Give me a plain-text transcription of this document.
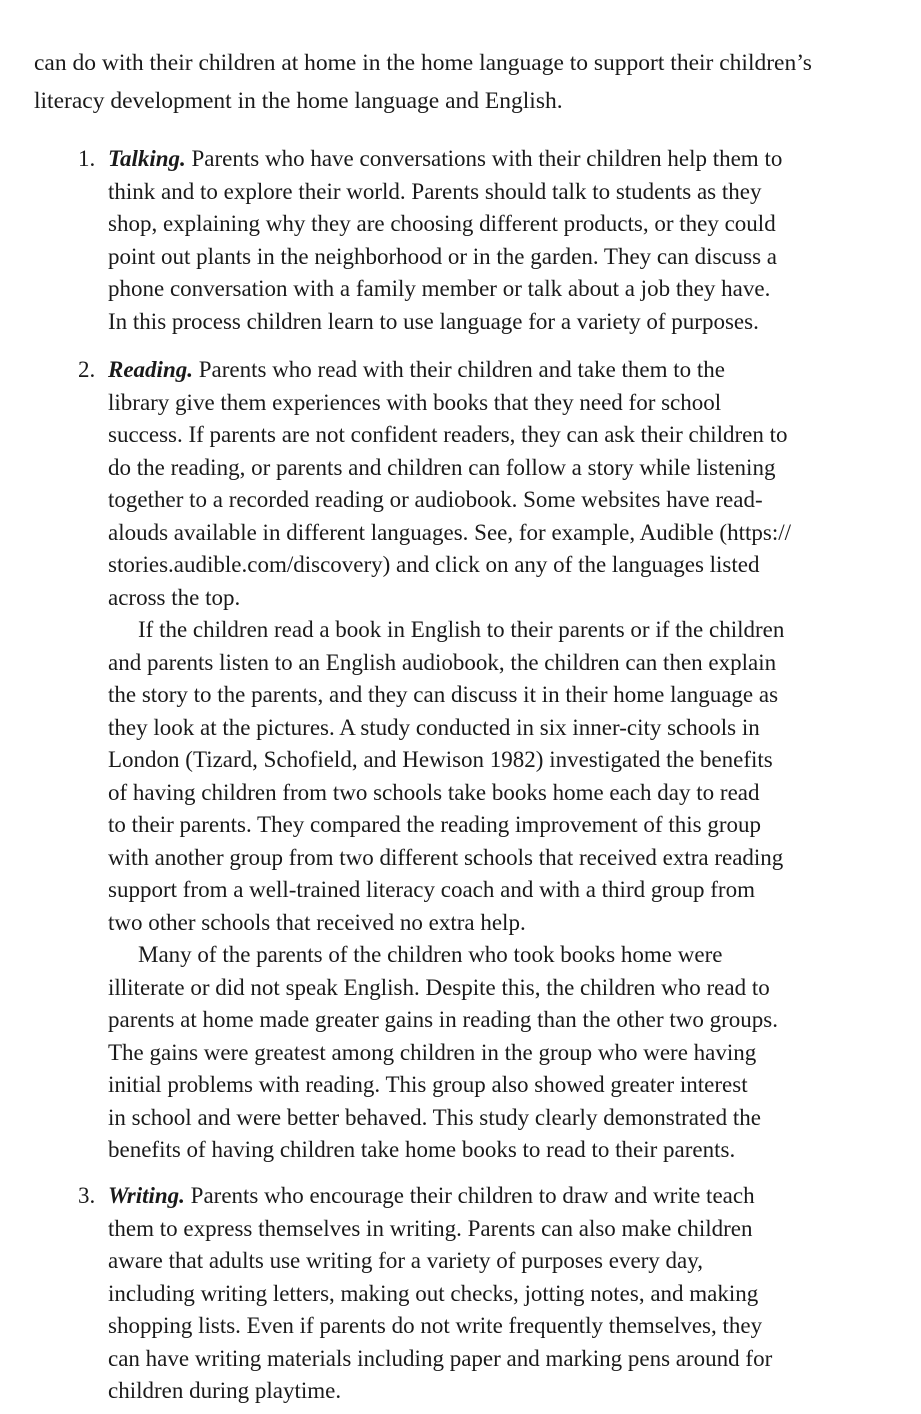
can do with their children at home in the home language to support their children’s
literacy development in the home language and English.

1. Talking. Parents who have conversations with their children help them to
think and to explore their world. Parents should talk to students as they
shop, explaining why they are choosing different products, or they could
point out plants in the neighborhood or in the garden. They can discuss a
phone conversation with a family member or talk about a job they have.
In this process children learn to use language for a variety of purposes.

2. Reading. Parents who read with their children and take them to the
library give them experiences with books that they need for school
success. If parents are not confident readers, they can ask their children to
do the reading, or parents and children can follow a story while listening
together to a recorded reading or audiobook. Some websites have read-
alouds available in different languages. See, for example, Audible (https://
stories.audible.com/discovery) and click on any of the languages listed
across the top.

If the children read a book in English to their parents or if the children
and parents listen to an English audiobook, the children can then explain
the story to the parents, and they can discuss it in their home language as
they look at the pictures. A study conducted in six inner-city schools in
London (Tizard, Schofield, and Hewison 1982) investigated the benefits
of having children from two schools take books home each day to read
to their parents. They compared the reading improvement of this group
with another group from two different schools that received extra reading
support from a well-trained literacy coach and with a third group from
two other schools that received no extra help.

Many of the parents of the children who took books home were
illiterate or did not speak English. Despite this, the children who read to
parents at home made greater gains in reading than the other two groups.
The gains were greatest among children in the group who were having
initial problems with reading. This group also showed greater interest
in school and were better behaved. This study clearly demonstrated the
benefits of having children take home books to read to their parents.

3. Writing. Parents who encourage their children to draw and write teach
them to express themselves in writing. Parents can also make children
aware that adults use writing for a variety of purposes every day,
including writing letters, making out checks, jotting notes, and making
shopping lists. Even if parents do not write frequently themselves, they
can have writing materials including paper and marking pens around for
children during playtime.
